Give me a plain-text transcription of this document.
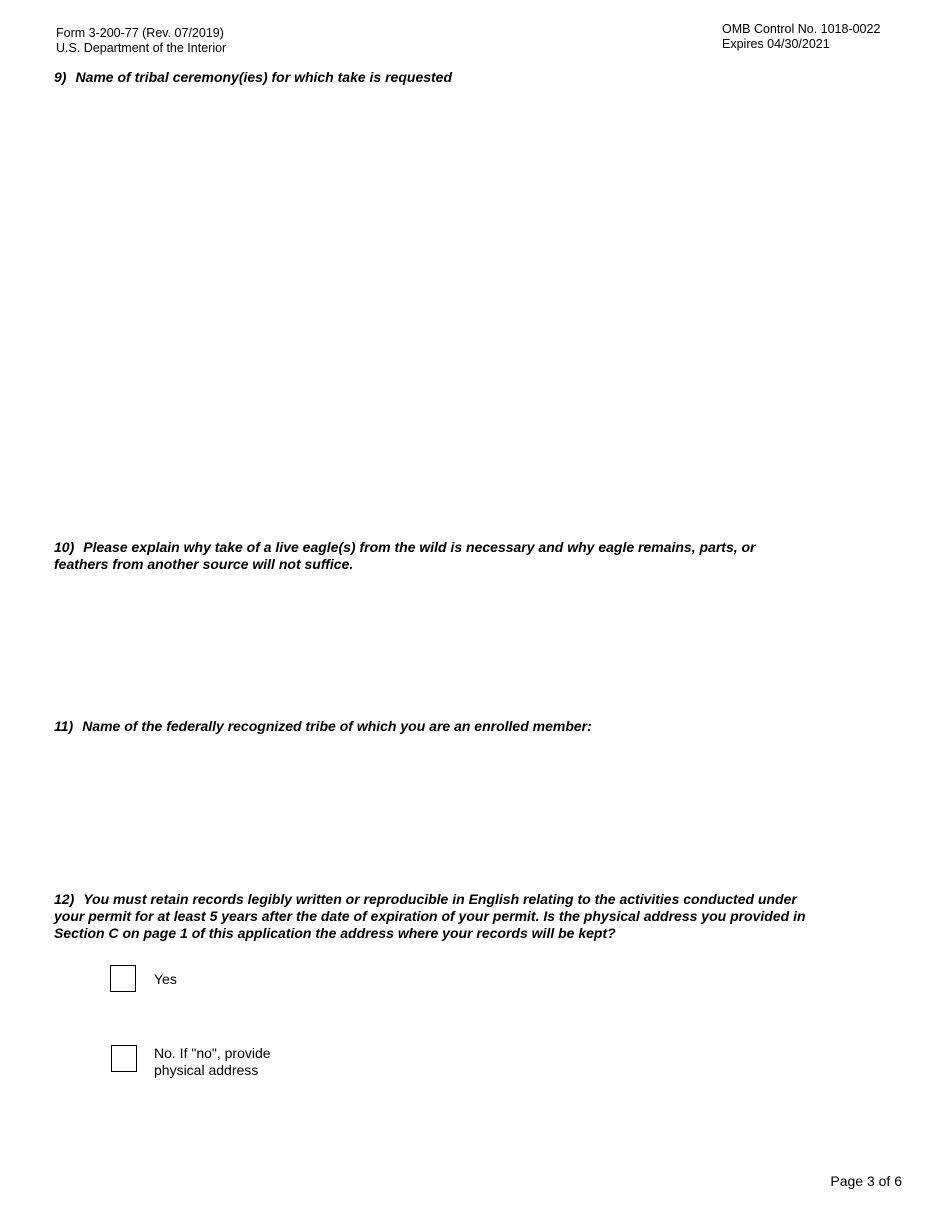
Form 3-200-77 (Rev. 07/2019)
U.S. Department of the Interior
OMB Control No. 1018-0022
Expires 04/30/2021
9) Name of tribal ceremony(ies) for which take is requested
10) Please explain why take of a live eagle(s) from the wild is necessary and why eagle remains, parts, or
feathers from another source will not suffice.
11) Name of the federally recognized tribe of which you are an enrolled member:
12) You must retain records legibly written or reproducible in English relating to the activities conducted under
your permit for at least 5 years after the date of expiration of your permit. Is the physical address you provided in
Section C on page 1 of this application the address where your records will be kept?
Yes
No. If "no", provide
physical address
Page 3 of 6
